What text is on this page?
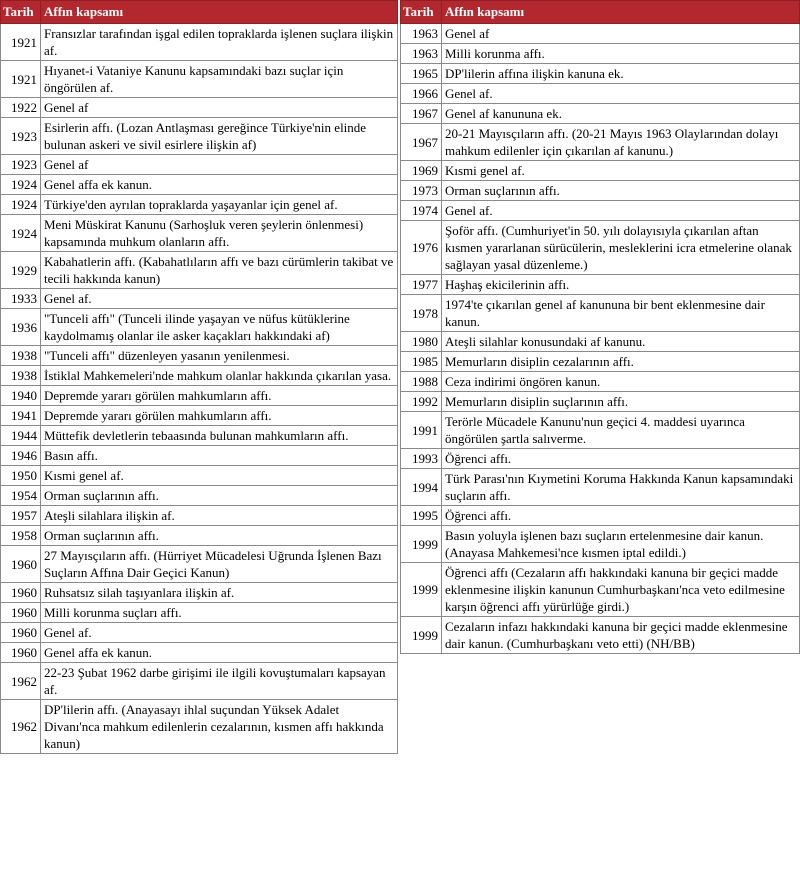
Tarih	Affın kapsamı
1921	Fransızlar tarafından işgal edilen topraklarda işlenen suçlara ilişkin af.
1921	Hıyanet-i Vataniye Kanunu kapsamındaki bazı suçlar için öngörülen af.
1922	Genel af
1923	Esirlerin affı. (Lozan Antlaşması gereğince Türkiye'nin elinde bulunan askeri ve sivil esirlere ilişkin af)
1923	Genel af
1924	Genel affa ek kanun.
1924	Türkiye'den ayrılan topraklarda yaşayanlar için genel af.
1924	Meni Müskirat Kanunu (Sarhoşluk veren şeylerin önlenmesi) kapsamında muhkum olanların affı.
1929	Kabahatlerin affı. (Kabahatlıların affı ve bazı cürümlerin takibat ve tecili hakkında kanun)
1933	Genel af.
1936	"Tunceli affı" (Tunceli ilinde yaşayan ve nüfus kütüklerine kaydolmamış olanlar ile asker kaçakları hakkındaki af)
1938	"Tunceli affı" düzenleyen yasanın yenilenmesi.
1938	İstiklal Mahkemeleri'nde mahkum olanlar hakkında çıkarılan yasa.
1940	Depremde yararı görülen mahkumların affı.
1941	Depremde yararı görülen mahkumların affı.
1944	Müttefik devletlerin tebaasında bulunan mahkumların affı.
1946	Basın affı.
1950	Kısmi genel af.
1954	Orman suçlarının affı.
1957	Ateşli silahlara ilişkin af.
1958	Orman suçlarının affı.
1960	27 Mayısçıların affı. (Hürriyet Mücadelesi Uğrunda İşlenen Bazı Suçların Affına Dair Geçici Kanun)
1960	Ruhsatsız silah taşıyanlara ilişkin af.
1960	Milli korunma suçları affı.
1960	Genel af.
1960	Genel affa ek kanun.
1962	22-23 Şubat 1962 darbe girişimi ile ilgili kovuştumaları kapsayan af.
1962	DP'lilerin affı. (Anayasayı ihlal suçundan Yüksek Adalet Divanı'nca mahkum edilenlerin cezalarının, kısmen affı hakkında kanun)
Tarih	Affın kapsamı
1963	Genel af
1963	Milli korunma affı.
1965	DP'lilerin affına ilişkin kanuna ek.
1966	Genel af.
1967	Genel af kanununa ek.
1967	20-21 Mayısçıların affı. (20-21 Mayıs 1963 Olaylarından dolayı mahkum edilenler için çıkarılan af kanunu.)
1969	Kısmi genel af.
1973	Orman suçlarının affı.
1974	Genel af.
1976	Şoför affı. (Cumhuriyet'in 50. yılı dolayısıyla çıkarılan aftan kısmen yararlanan sürücülerin, mesleklerini icra etmelerine olanak sağlayan yasal düzenleme.)
1977	Haşhaş ekicilerinin affı.
1978	1974'te çıkarılan genel af kanununa bir bent eklenmesine dair kanun.
1980	Ateşli silahlar konusundaki af kanunu.
1985	Memurların disiplin cezalarının affı.
1988	Ceza indirimi öngören kanun.
1992	Memurların disiplin suçlarının affı.
1991	Terörle Mücadele Kanunu'nun geçici 4. maddesi uyarınca öngörülen şartla salıverme.
1993	Öğrenci affı.
1994	Türk Parası'nın Kıymetini Koruma Hakkında Kanun kapsamındaki suçların affı.
1995	Öğrenci affı.
1999	Basın yoluyla işlenen bazı suçların ertelenmesine dair kanun. (Anayasa Mahkemesi'nce kısmen iptal edildi.)
1999	Öğrenci affı (Cezaların affı hakkındaki kanuna bir geçici madde eklenmesine ilişkin kanunun Cumhurbaşkanı'nca veto edilmesine karşın öğrenci affı yürürlüğe girdi.)
1999	Cezaların infazı hakkındaki kanuna bir geçici madde eklenmesine dair kanun. (Cumhurbaşkanı veto etti) (NH/BB)
